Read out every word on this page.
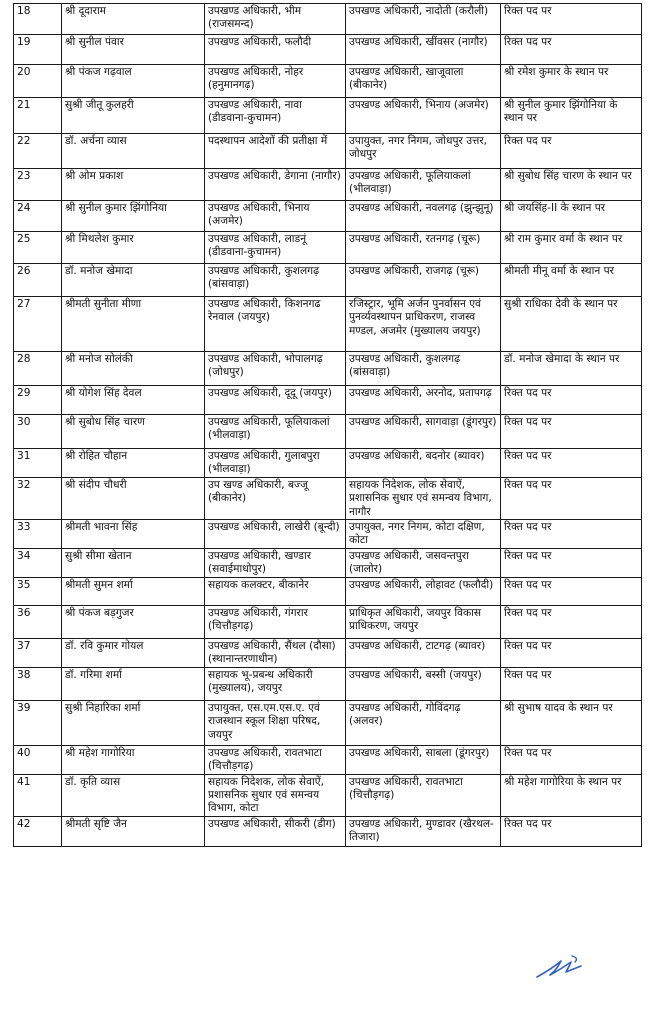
18	श्री दूदाराम	उपखण्ड अधिकारी, भीम (राजसमन्द)	उपखण्ड अधिकारी, नादोती (करौली)	रिक्त पद पर
19	श्री सुनील पंवार	उपखण्ड अधिकारी, फलौदी	उपखण्ड अधिकारी, खींवसर (नागौर)	रिक्त पद पर
20	श्री पंकज गढ़वाल	उपखण्ड अधिकारी, नोहर (हनुमानगढ़)	उपखण्ड अधिकारी, खाजूवाला (बीकानेर)	श्री रमेश कुमार के स्थान पर
21	सुश्री जीतू कुलहरी	उपखण्ड अधिकारी, नावा (डीडवाना-कुचामन)	उपखण्ड अधिकारी, भिनाय (अजमेर)	श्री सुनील कुमार झिंगोनिया के स्थान पर
22	डॉ. अर्चना व्यास	पदस्थापन आदेशों की प्रतीक्षा में	उपायुक्त, नगर निगम, जोधपुर उत्तर, जोधपुर	रिक्त पद पर
23	श्री ओम प्रकाश	उपखण्ड अधिकारी, डेगाना (नागौर)	उपखण्ड अधिकारी, फूलियाकलां (भीलवाड़ा)	श्री सुबोध सिंह चारण के स्थान पर
24	श्री सुनील कुमार झिंगोनिया	उपखण्ड अधिकारी, भिनाय (अजमेर)	उपखण्ड अधिकारी, नवलगढ़ (झुन्झुनू)	श्री जयसिंह-II के स्थान पर
25	श्री मिथलेश कुमार	उपखण्ड अधिकारी, लाडनूं (डीडवाना-कुचामन)	उपखण्ड अधिकारी, रतनगढ़ (चूरू)	श्री राम कुमार वर्मा के स्थान पर
26	डॉ. मनोज खेमादा	उपखण्ड अधिकारी, कुशलगढ़ (बांसवाड़ा)	उपखण्ड अधिकारी, राजगढ़ (चूरू)	श्रीमती मीनू वर्मा के स्थान पर
27	श्रीमती सुनीता मीणा	उपखण्ड अधिकारी, किशनगढ रेनवाल (जयपुर)	रजिस्ट्रार, भूमि अर्जन पुनर्वासन एवं पुनर्व्यवस्थापन प्राधिकरण, राजस्व मण्डल, अजमेर (मुख्यालय जयपुर)	सुश्री राधिका देवी के स्थान पर
28	श्री मनोज सोलंकी	उपखण्ड अधिकारी, भोपालगढ़ (जोधपुर)	उपखण्ड अधिकारी, कुशलगढ़ (बांसवाड़ा)	डॉ. मनोज खेमादा के स्थान पर
29	श्री योगेश सिंह देवल	उपखण्ड अधिकारी, दूदू (जयपुर)	उपखण्ड अधिकारी, अरनोद, प्रतापगढ़	रिक्त पद पर
30	श्री सुबोध सिंह चारण	उपखण्ड अधिकारी, फूलियाकलां (भीलवाड़ा)	उपखण्ड अधिकारी, सागवाड़ा (डूंगरपुर)	रिक्त पद पर
31	श्री रोहित चौहान	उपखण्ड अधिकारी, गुलाबपुरा (भीलवाड़ा)	उपखण्ड अधिकारी, बदनोर (ब्यावर)	रिक्त पद पर
32	श्री संदीप चौधरी	उप खण्ड अधिकारी, बज्जू (बीकानेर)	सहायक निदेशक, लोक सेवाऐं, प्रशासनिक सुधार एवं समन्वय विभाग, नागौर	रिक्त पद पर
33	श्रीमती भावना सिंह	उपखण्ड अधिकारी, लाखेरी (बून्दी)	उपायुक्त, नगर निगम, कोटा दक्षिण, कोटा	रिक्त पद पर
34	सुश्री सीमा खेतान	उपखण्ड अधिकारी, खण्डार (सवाईमाधोपुर)	उपखण्ड अधिकारी, जसवन्तपुरा (जालोर)	रिक्त पद पर
35	श्रीमती सुमन शर्मा	सहायक कलक्टर, बीकानेर	उपखण्ड अधिकारी, लोहावट (फलौदी)	रिक्त पद पर
36	श्री पंकज बड़गुजर	उपखण्ड अधिकारी, गंगरार (चित्तौड़गढ़)	प्राधिकृत अधिकारी, जयपुर विकास प्राधिकरण, जयपुर	रिक्त पद पर
37	डॉ. रवि कुमार गोयल	उपखण्ड अधिकारी, सैंथल (दौसा) (स्थानान्तरणाधीन)	उपखण्ड अधिकारी, टाटगढ़ (ब्यावर)	रिक्त पद पर
38	डॉ. गरिमा शर्मा	सहायक भू-प्रबन्ध अधिकारी (मुख्यालय), जयपुर	उपखण्ड अधिकारी, बस्सी (जयपुर)	रिक्त पद पर
39	सुश्री निहारिका शर्मा	उपायुक्त, एस.एम.एस.ए. एवं राजस्थान स्कूल शिक्षा परिषद, जयपुर	उपखण्ड अधिकारी, गोविंदगढ़ (अलवर)	श्री सुभाष यादव के स्थान पर
40	श्री महेश गागोरिया	उपखण्ड अधिकारी, रावतभाटा (चित्तौड़गढ़)	उपखण्ड अधिकारी, साबला (डूंगरपुर)	रिक्त पद पर
41	डॉ. कृति व्यास	सहायक निदेशक, लोक सेवाऐं, प्रशासनिक सुधार एवं समन्वय विभाग, कोटा	उपखण्ड अधिकारी, रावतभाटा (चित्तौड़गढ़)	श्री महेश गागोरिया के स्थान पर
42	श्रीमती सृष्टि जैन	उपखण्ड अधिकारी, सीकरी (डीग)	उपखण्ड अधिकारी, मुण्डावर (खैरथल-तिजारा)	रिक्त पद पर
